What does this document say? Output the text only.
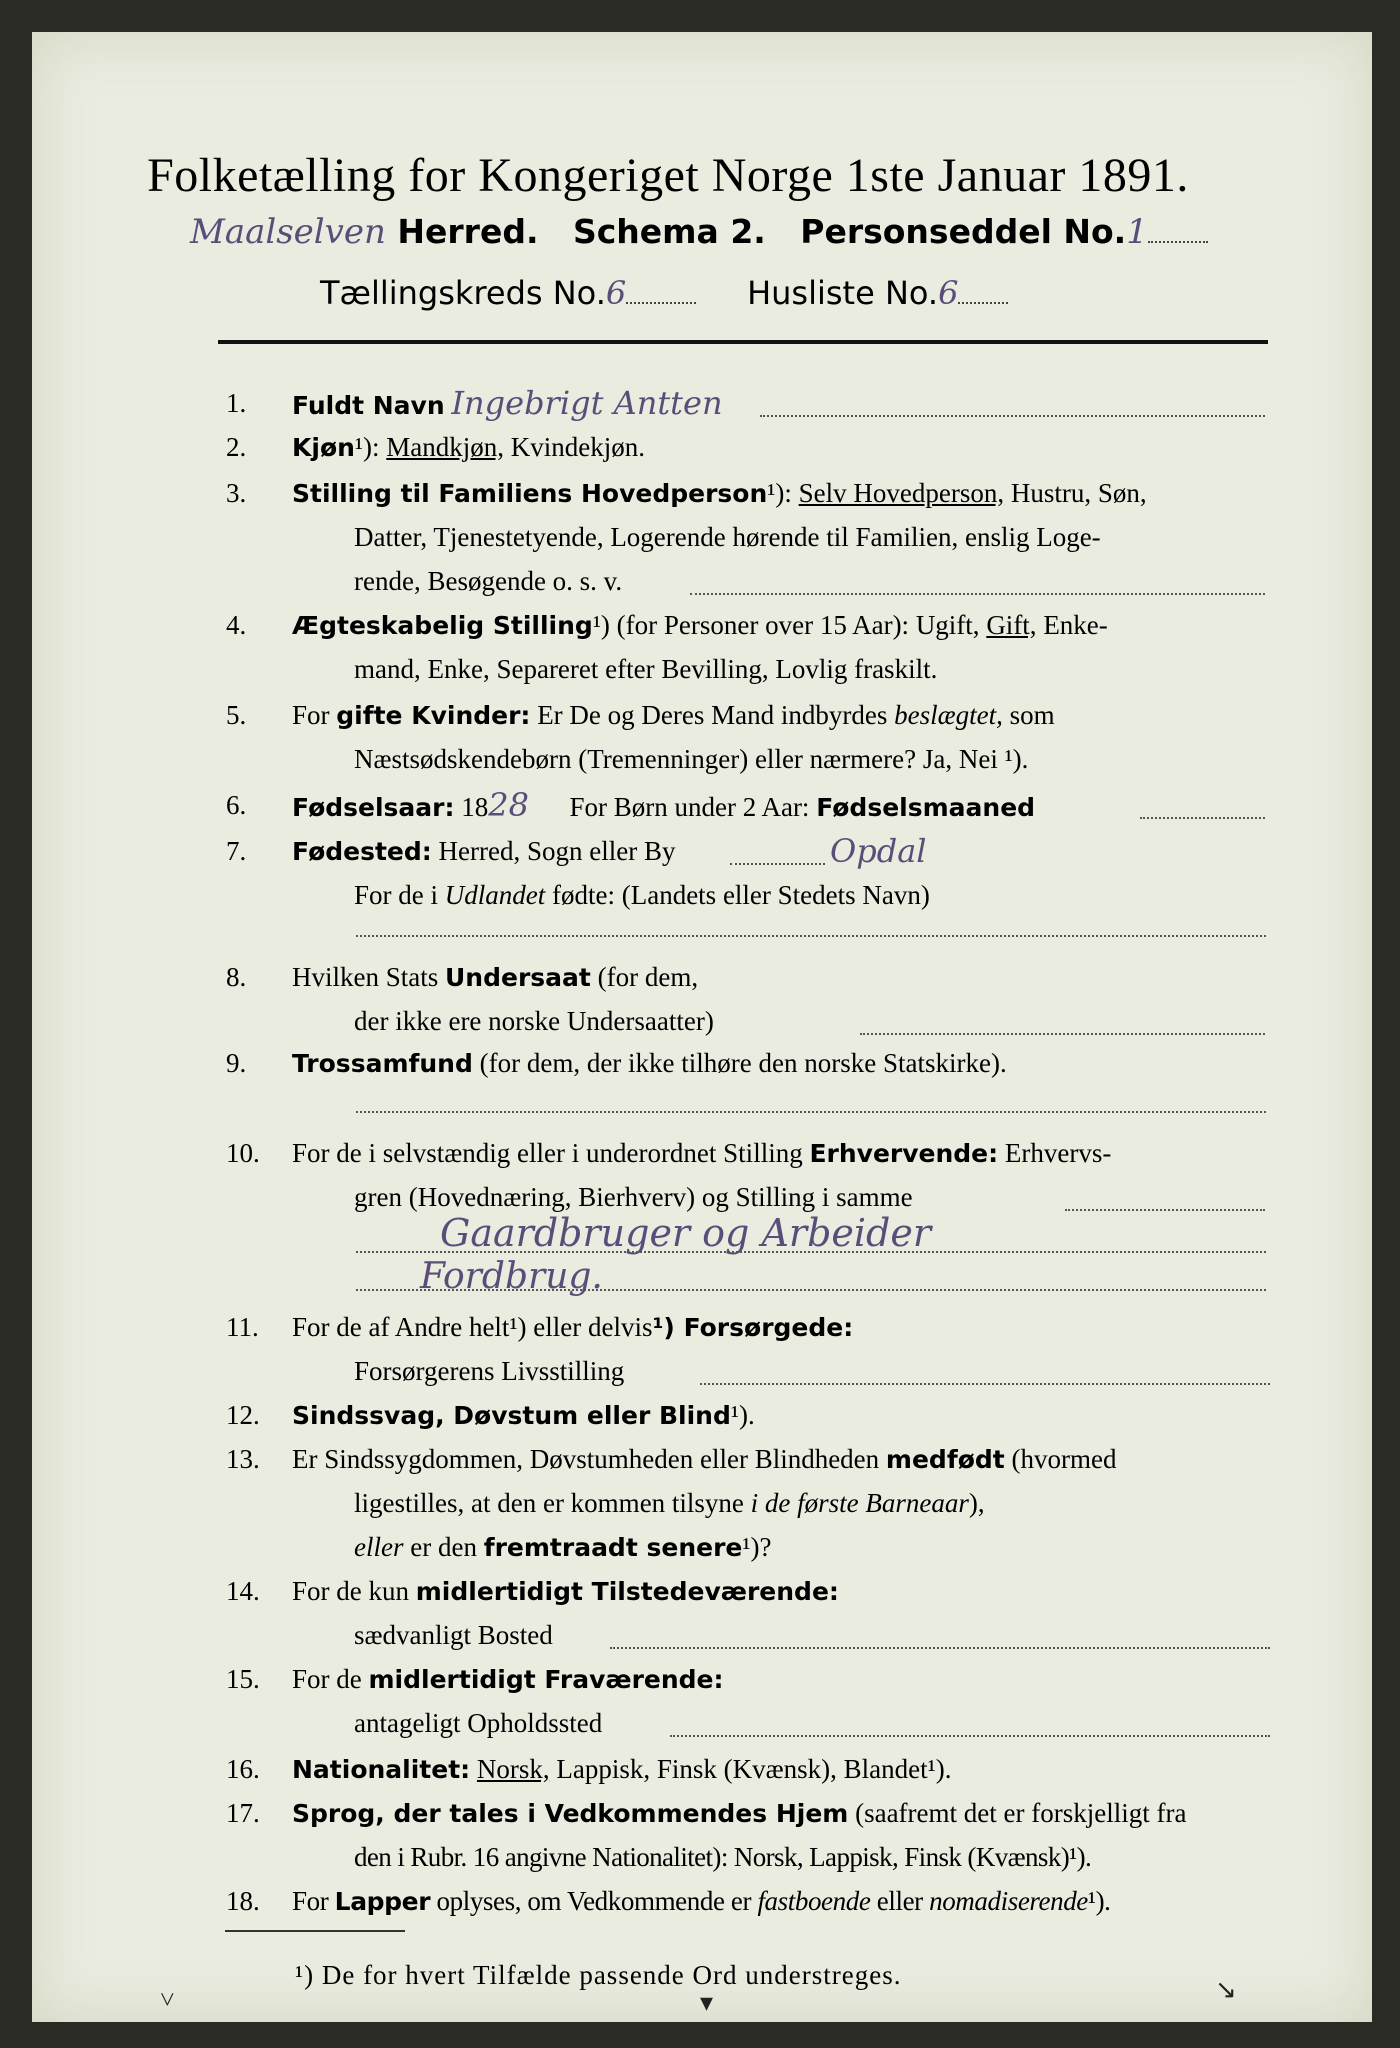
Folketælling for Kongeriget Norge 1ste Januar 1891.
Maalselven Herred. Schema 2. Personseddel No.1
Tællingskreds No.6	Husliste No.6
1.	Fuldt Navn Ingebrigt Antten
2.	Kjøn¹): Mandkjøn, Kvindekjøn.
3.	Stilling til Familiens Hovedperson¹): Selv Hovedperson, Hustru, Søn,
Datter, Tjenestetyende, Logerende hørende til Familien, enslig Loge-
rende, Besøgende o. s. v.
4.	Ægteskabelig Stilling¹) (for Personer over 15 Aar): Ugift, Gift, Enke-
mand, Enke, Separeret efter Bevilling, Lovlig fraskilt.
5.	For gifte Kvinder: Er De og Deres Mand indbyrdes beslægtet, som
Næstsødskendebørn (Tremenninger) eller nærmere? Ja, Nei ¹).
6.	Fødselsaar: 1828 For Børn under 2 Aar: Fødselsmaaned
7.	Fødested: Herred, Sogn eller By	Opdal
For de i Udlandet fødte: (Landets eller Stedets Navn)
8.	Hvilken Stats Undersaat (for dem,
der ikke ere norske Undersaatter)
9.	Trossamfund (for dem, der ikke tilhøre den norske Statskirke).
10.	For de i selvstændig eller i underordnet Stilling Erhvervende: Erhvervs-
gren (Hovednæring, Bierhverv) og Stilling i samme
Gaardbruger og Arbeider
Fordbrug.
11.	For de af Andre helt¹) eller delvis¹) Forsørgede:
Forsørgerens Livsstilling
12.	Sindssvag, Døvstum eller Blind¹).
13.	Er Sindssygdommen, Døvstumheden eller Blindheden medfødt (hvormed
ligestilles, at den er kommen tilsyne i de første Barneaar),
eller er den fremtraadt senere¹)?
14.	For de kun midlertidigt Tilstedeværende:
sædvanligt Bosted
15.	For de midlertidigt Fraværende:
antageligt Opholdssted
16.	Nationalitet: Norsk, Lappisk, Finsk (Kvænsk), Blandet¹).
17.	Sprog, der tales i Vedkommendes Hjem (saafremt det er forskjelligt fra
den i Rubr. 16 angivne Nationalitet): Norsk, Lappisk, Finsk (Kvænsk)¹).
18.	For Lapper oplyses, om Vedkommende er fastboende eller nomadiserende¹).
¹) De for hvert Tilfælde passende Ord understreges.
˅	▾	↘
